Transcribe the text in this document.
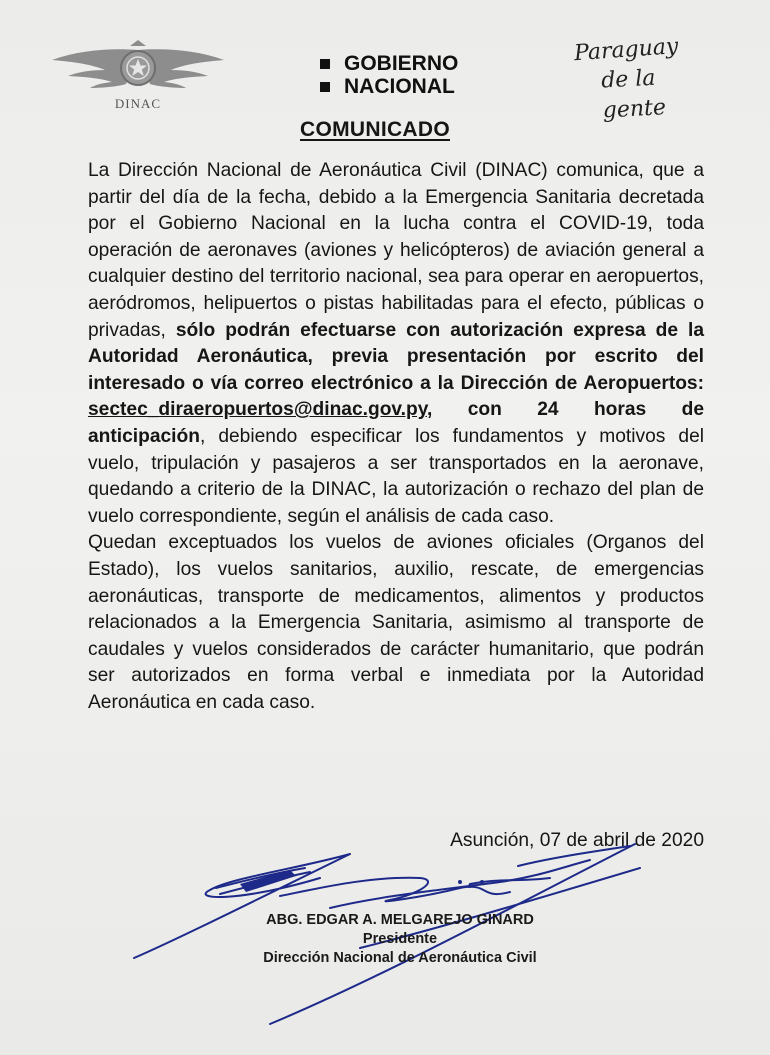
DINAC
GOBIERNO
NACIONAL
Paraguay
de la gente
COMUNICADO

La Dirección Nacional de Aeronáutica Civil (DINAC) comunica, que a partir del día de la fecha, debido a la Emergencia Sanitaria decretada por el Gobierno Nacional en la lucha contra el COVID-19, toda operación de aeronaves (aviones y helicópteros) de aviación general a cualquier destino del territorio nacional, sea para operar en aeropuertos, aeródromos, helipuertos o pistas habilitadas para el efecto, públicas o privadas, sólo podrán efectuarse con autorización expresa de la Autoridad Aeronáutica, previa presentación por escrito del interesado o vía correo electrónico a la Dirección de Aeropuertos: sectec_diraeropuertos@dinac.gov.py, con 24 horas de anticipación, debiendo especificar los fundamentos y motivos del vuelo, tripulación y pasajeros a ser transportados en la aeronave, quedando a criterio de la DINAC, la autorización o rechazo del plan de vuelo correspondiente, según el análisis de cada caso.

Quedan exceptuados los vuelos de aviones oficiales (Organos del Estado), los vuelos sanitarios, auxilio, rescate, de emergencias aeronáuticas, transporte de medicamentos, alimentos y productos relacionados a la Emergencia Sanitaria, asimismo al transporte de caudales y vuelos considerados de carácter humanitario, que podrán ser autorizados en forma verbal e inmediata por la Autoridad Aeronáutica en cada caso.

Asunción, 07 de abril de 2020
ABG. EDGAR A. MELGAREJO GINARD
Presidente
Dirección Nacional de Aeronáutica Civil
